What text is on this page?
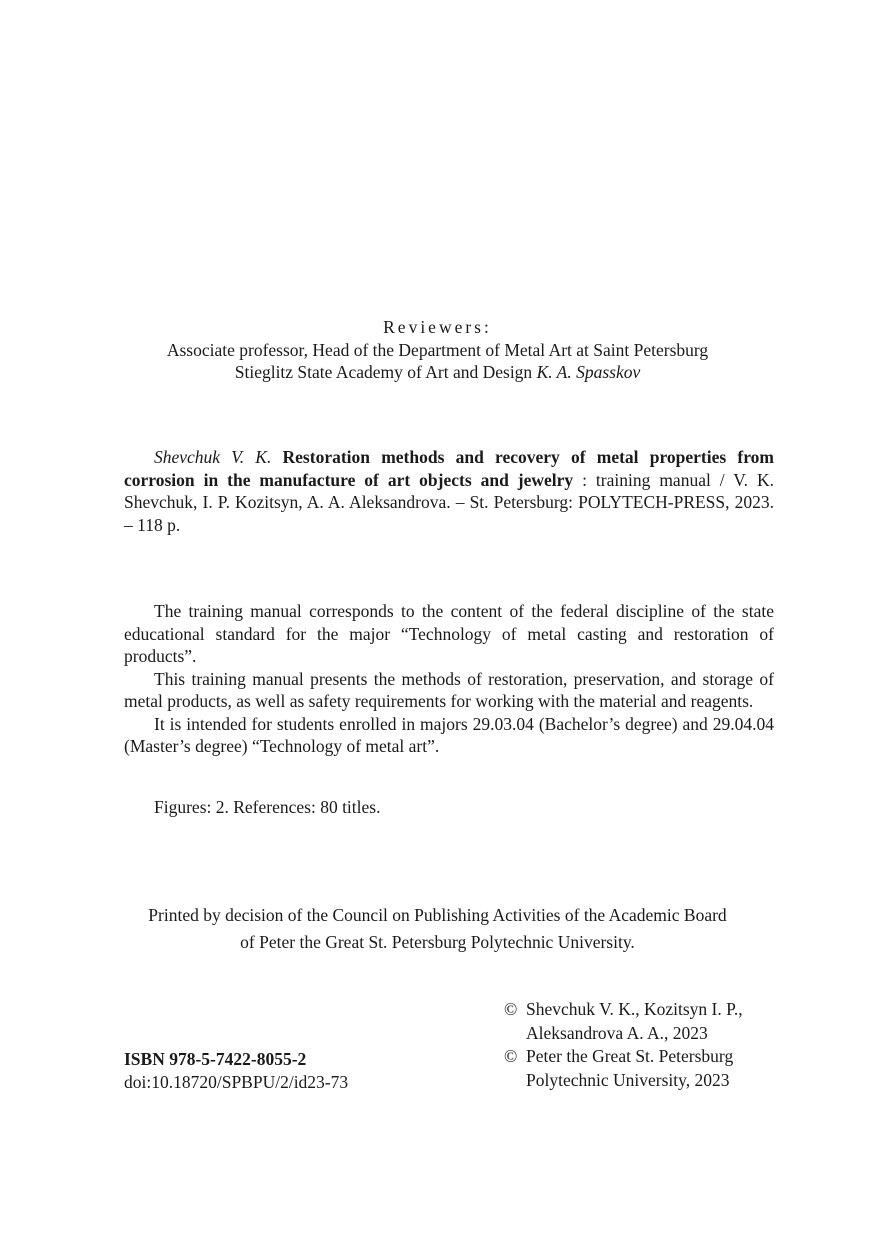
Reviewers:
Associate professor, Head of the Department of Metal Art at Saint Petersburg
Stieglitz State Academy of Art and Design K. A. Spasskov
Shevchuk V. K. Restoration methods and recovery of metal properties from corrosion in the manufacture of art objects and jewelry : training manual / V. K. Shevchuk, I. P. Kozitsyn, A. A. Aleksandrova. – St. Petersburg: POLYTECH-PRESS, 2023. – 118 p.

The training manual corresponds to the content of the federal discipline of the state educational standard for the major “Technology of metal casting and restoration of products”.

This training manual presents the methods of restoration, preservation, and storage of metal products, as well as safety requirements for working with the material and reagents.

It is intended for students enrolled in majors 29.03.04 (Bachelor’s degree) and 29.04.04 (Master’s degree) “Technology of metal art”.

Figures: 2. References: 80 titles.
Printed by decision of the Council on Publishing Activities of the Academic Board
of Peter the Great St. Petersburg Polytechnic University.
ISBN 978-5-7422-8055-2
doi:10.18720/SPBPU/2/id23-73
© Shevchuk V. K., Kozitsyn I. P.,
Aleksandrova A. A., 2023
© Peter the Great St. Petersburg
Polytechnic University, 2023
